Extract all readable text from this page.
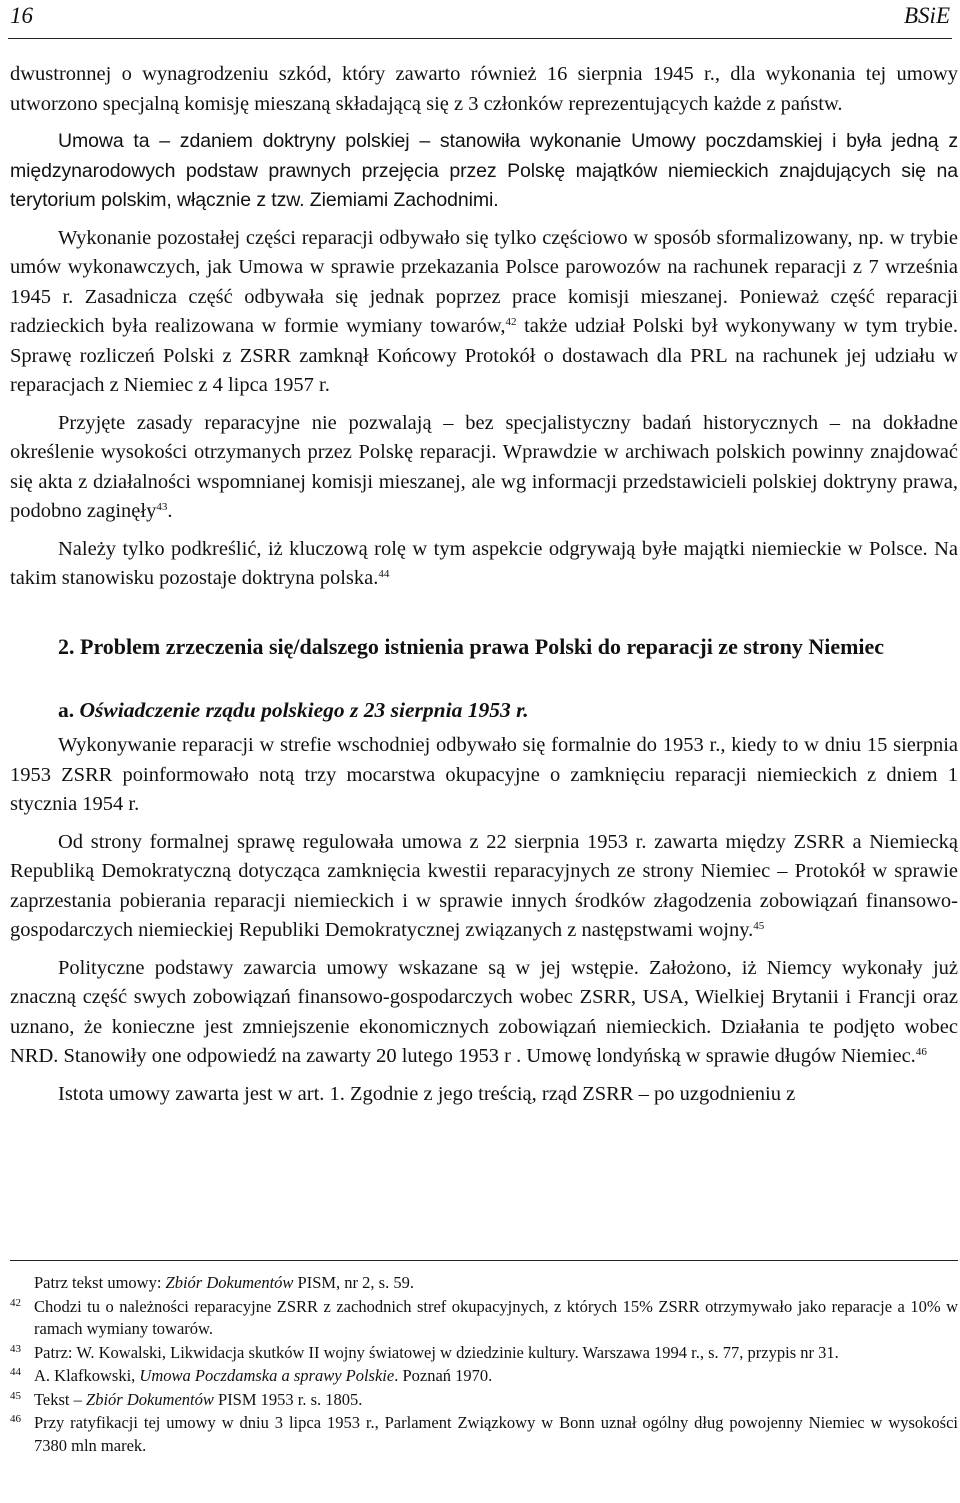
16	BSiE

dwustronnej o wynagrodzeniu szkód, który zawarto również 16 sierpnia 1945 r., dla wykonania tej umowy utworzono specjalną komisję mieszaną składającą się z 3 członków reprezentujących każde z państw.

Umowa ta – zdaniem doktryny polskiej – stanowiła wykonanie Umowy poczdamskiej i była jedną z międzynarodowych podstaw prawnych przejęcia przez Polskę majątków niemieckich znajdujących się na terytorium polskim, włącznie z tzw. Ziemiami Zachodnimi.

Wykonanie pozostałej części reparacji odbywało się tylko częściowo w sposób sformalizowany, np. w trybie umów wykonawczych, jak Umowa w sprawie przekazania Polsce parowozów na rachunek reparacji z 7 września 1945 r. Zasadnicza część odbywała się jednak poprzez prace komisji mieszanej. Ponieważ część reparacji radzieckich była realizowana w formie wymiany towarów,$^{42}$ także udział Polski był wykonywany w tym trybie. Sprawę rozliczeń Polski z ZSRR zamknął Końcowy Protokół o dostawach dla PRL na rachunek jej udziału w reparacjach z Niemiec z 4 lipca 1957 r.

Przyjęte zasady reparacyjne nie pozwalają – bez specjalistyczny badań historycznych – na dokładne określenie wysokości otrzymanych przez Polskę reparacji. Wprawdzie w archiwach polskich powinny znajdować się akta z działalności wspomnianej komisji mieszanej, ale wg informacji przedstawicieli polskiej doktryny prawa, podobno zaginęły$^{43}$.

Należy tylko podkreślić, iż kluczową rolę w tym aspekcie odgrywają byłe majątki niemieckie w Polsce. Na takim stanowisku pozostaje doktryna polska.$^{44}$

2. Problem zrzeczenia się/dalszego istnienia prawa Polski do reparacji ze strony Niemiec
a. Oświadczenie rządu polskiego z 23 sierpnia 1953 r.

Wykonywanie reparacji w strefie wschodniej odbywało się formalnie do 1953 r., kiedy to w dniu 15 sierpnia 1953 ZSRR poinformowało notą trzy mocarstwa okupacyjne o zamknięciu reparacji niemieckich z dniem 1 stycznia 1954 r.

Od strony formalnej sprawę regulowała umowa z 22 sierpnia 1953 r. zawarta między ZSRR a Niemiecką Republiką Demokratyczną dotycząca zamknięcia kwestii reparacyjnych ze strony Niemiec – Protokół w sprawie zaprzestania pobierania reparacji niemieckich i w sprawie innych środków złagodzenia zobowiązań finansowo-gospodarczych niemieckiej Republiki Demokratycznej związanych z następstwami wojny.$^{45}$

Polityczne podstawy zawarcia umowy wskazane są w jej wstępie. Założono, iż Niemcy wykonały już znaczną część swych zobowiązań finansowo-gospodarczych wobec ZSRR, USA, Wielkiej Brytanii i Francji oraz uznano, że konieczne jest zmniejszenie ekonomicznych zobowiązań niemieckich. Działania te podjęto wobec NRD. Stanowiły one odpowiedź na zawarty 20 lutego 1953 r . Umowę londyńską w sprawie długów Niemiec.$^{46}$

Istota umowy zawarta jest w art. 1. Zgodnie z jego treścią, rząd ZSRR – po uzgodnieniu z

Patrz tekst umowy: Zbiór Dokumentów PISM, nr 2, s. 59.
$^{42}$ Chodzi tu o należności reparacyjne ZSRR z zachodnich stref okupacyjnych, z których 15% ZSRR otrzymywało jako reparacje a 10% w ramach wymiany towarów.
$^{43}$ Patrz: W. Kowalski, Likwidacja skutków II wojny światowej w dziedzinie kultury. Warszawa 1994 r., s. 77, przypis nr 31.
$^{44}$ A. Klafkowski, Umowa Poczdamska a sprawy Polskie. Poznań 1970.
$^{45}$ Tekst – Zbiór Dokumentów PISM 1953 r. s. 1805.
$^{46}$ Przy ratyfikacji tej umowy w dniu 3 lipca 1953 r., Parlament Związkowy w Bonn uznał ogólny dług powojenny Niemiec w wysokości 7380 mln marek.
